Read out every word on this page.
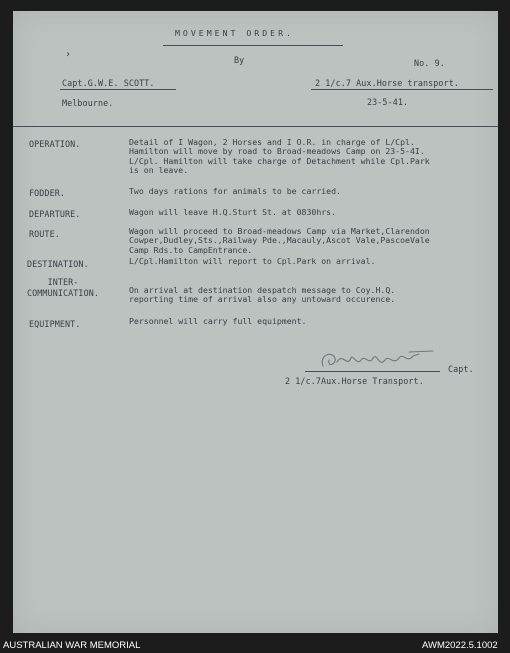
MOVEMENT ORDER.
By
›
No. 9.
Capt.G.W.E. SCOTT.	2 1/c.7 Aux.Horse transport.
Melbourne.	23-5-41.
OPERATION.	Detail of I Wagon, 2 Horses and I O.R. in charge of L/Cpl.
Hamilton will move by road to Broad-meadows Camp on 23-5-4I.
L/Cpl. Hamilton will take charge of Detachment while Cpl.Park
is on leave.
FODDER.	Two days rations for animals to be carried.
DEPARTURE.	Wagon will leave H.Q.Sturt St. at 0830hrs.
ROUTE.	Wagon will proceed to Broad-meadows Camp via Market,Clarendon
Cowper,Dudley,Sts.,Railway Pde.,Macauly,Ascot Vale,PascoeVale
Camp Rds.to CampEntrance.
DESTINATION.	L/Cpl.Hamilton will report to Cpl.Park on arrival.
INTER-
COMMUNICATION.	On arrival at destination despatch message to Coy.H.Q.
reporting time of arrival also any untoward occurence.
EQUIPMENT.	Personnel will carry full equipment.
Capt.
2 1/c.7Aux.Horse Transport.
AUSTRALIAN WAR MEMORIAL	AWM2022.5.1002
